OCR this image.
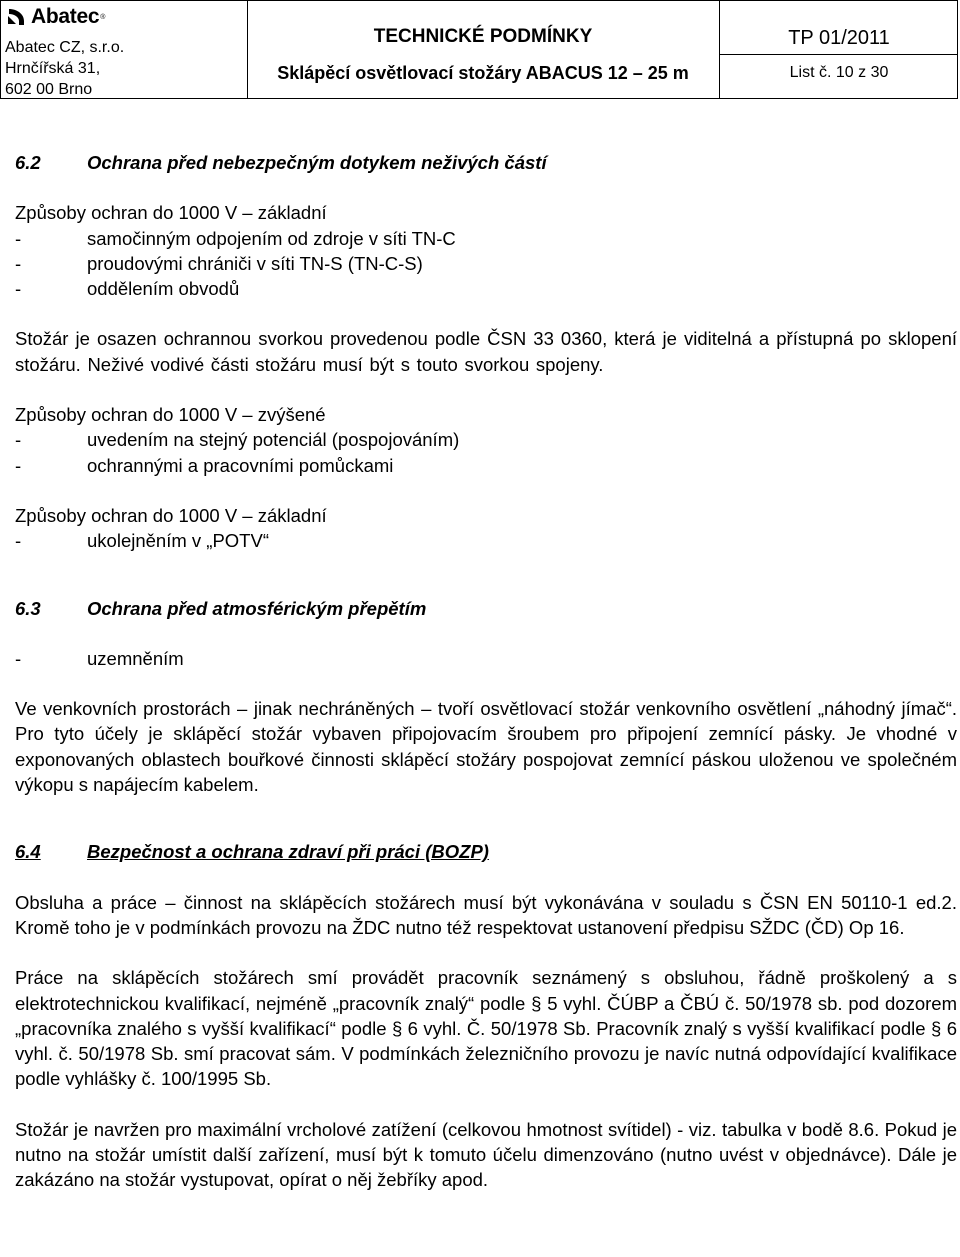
Abatec ®
Abatec CZ, s.r.o.
Hrnčířská 31,
602 00 Brno
TECHNICKÉ PODMÍNKY
Sklápěcí osvětlovací stožáry ABACUS 12 – 25 m
TP 01/2011
List č. 10 z 30
6.2	Ochrana před nebezpečným dotykem neživých částí

Způsoby ochran do 1000 V – základní

-	samočinným odpojením od zdroje v síti TN-C
-	proudovými chrániči v síti TN-S (TN-C-S)
-	oddělením obvodů

Stožár je osazen ochrannou svorkou provedenou podle ČSN 33 0360, která je viditelná a přístupná po sklopení stožáru. Neživé vodivé části stožáru musí být s touto svorkou spojeny.

Způsoby ochran do 1000 V – zvýšené

-	uvedením na stejný potenciál (pospojováním)
-	ochrannými a pracovními pomůckami

Způsoby ochran do 1000 V – základní

-	ukolejněním v „POTV“
6.3	Ochrana před atmosférickým přepětím
-	uzemněním

Ve venkovních prostorách – jinak nechráněných – tvoří osvětlovací stožár venkovního osvětlení „náhodný jímač“. Pro tyto účely je sklápěcí stožár vybaven připojovacím šroubem pro připojení zemnící pásky. Je vhodné v exponovaných oblastech bouřkové činnosti sklápěcí stožáry pospojovat zemnící páskou uloženou ve společném výkopu s napájecím kabelem.

6.4	Bezpečnost a ochrana zdraví při práci (BOZP)

Obsluha a práce – činnost na sklápěcích stožárech musí být vykonávána v souladu s ČSN EN 50110-1 ed.2. Kromě toho je v podmínkách provozu na ŽDC nutno též respektovat ustanovení předpisu SŽDC (ČD) Op 16.

Práce na sklápěcích stožárech smí provádět pracovník seznámený s obsluhou, řádně proškolený a s elektrotechnickou kvalifikací, nejméně „pracovník znalý“ podle § 5 vyhl. ČÚBP a ČBÚ č. 50/1978 sb. pod dozorem „pracovníka znalého s vyšší kvalifikací“ podle § 6 vyhl. Č. 50/1978 Sb. Pracovník znalý s vyšší kvalifikací podle § 6 vyhl. č. 50/1978 Sb. smí pracovat sám. V podmínkách železničního provozu je navíc nutná odpovídající kvalifikace podle vyhlášky č. 100/1995 Sb.

Stožár je navržen pro maximální vrcholové zatížení (celkovou hmotnost svítidel) - viz. tabulka v bodě 8.6. Pokud je nutno na stožár umístit další zařízení, musí být k tomuto účelu dimenzováno (nutno uvést v objednávce). Dále je zakázáno na stožár vystupovat, opírat o něj žebříky apod.
